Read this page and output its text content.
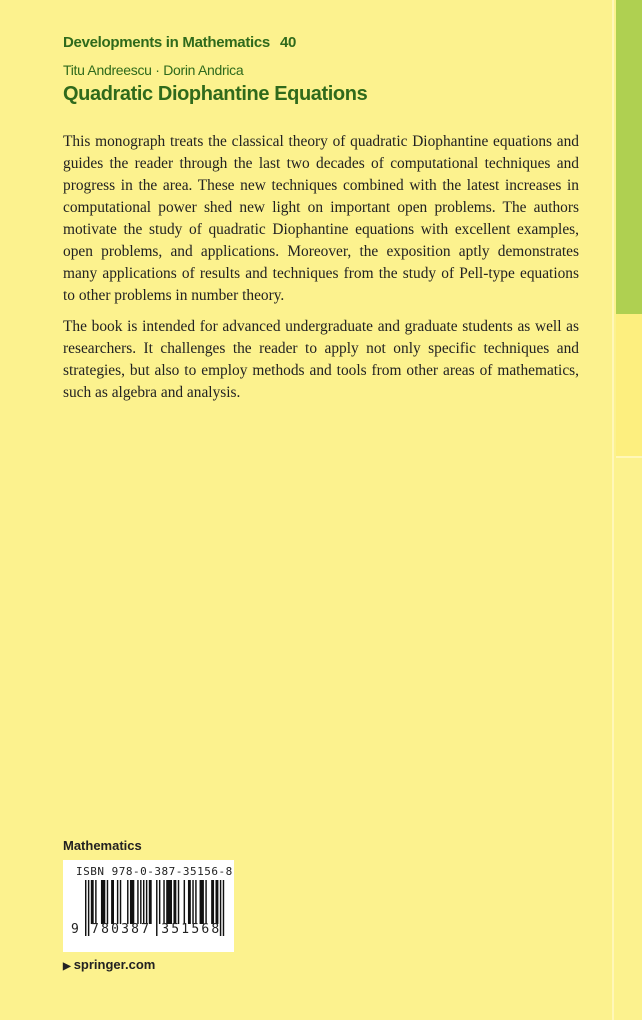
Developments in Mathematics 40
Titu Andreescu · Dorin Andrica
Quadratic Diophantine Equations

This monograph treats the classical theory of quadratic Diophantine equations and guides the reader through the last two decades of computational techniques and progress in the area. These new techniques combined with the latest increases in computational power shed new light on important open problems. The authors motivate the study of quadratic Diophantine equations with excellent examples, open problems, and applications. Moreover, the exposition aptly demonstrates many applications of results and techniques from the study of Pell-type equations to other problems in number theory.

The book is intended for advanced undergraduate and graduate students as well as researchers. It challenges the reader to apply not only specific techniques and strategies, but also to employ methods and tools from other areas of mathematics, such as algebra and analysis.

Mathematics
ISBN 978-0-387-35156-8
9 780387 351568
▶ springer.com
